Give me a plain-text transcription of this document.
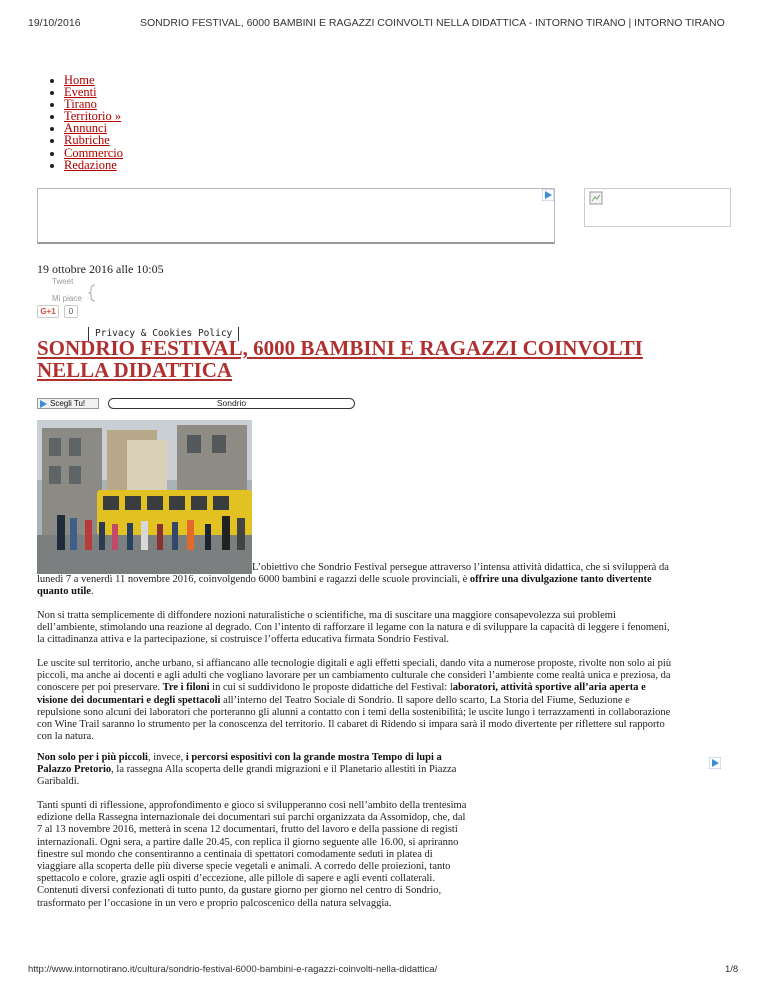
19/10/2016	SONDRIO FESTIVAL, 6000 BAMBINI E RAGAZZI COINVOLTI NELLA DIDATTICA - INTORNO TIRANO | INTORNO TIRANO
• Home
• Eventi
• Tirano
• Territorio »
• Annunci
• Rubriche
• Commercio
• Redazione
19 ottobre 2016 alle 10:05
Tweet
Mi piace
G+1	0
Privacy & Cookies Policy
SONDRIO FESTIVAL, 6000 BAMBINI E RAGAZZI COINVOLTI NELLA DIDATTICA
Scegli Tu!	Sondrio
L’obiettivo che Sondrio Festival persegue attraverso l’intensa attività didattica, che si svilupperà da

lunedì 7 a venerdì 11 novembre 2016, coinvolgendo 6000 bambini e ragazzi delle scuole provinciali, è offrire una divulgazione tanto divertente
quanto utile.

Non si tratta semplicemente di diffondere nozioni naturalistiche o scientifiche, ma di suscitare una maggiore consapevolezza sui problemi
dell’ambiente, stimolando una reazione al degrado. Con l’intento di rafforzare il legame con la natura e di sviluppare la capacità di leggere i fenomeni,
la cittadinanza attiva e la partecipazione, si costruisce l’offerta educativa firmata Sondrio Festival.

Le uscite sul territorio, anche urbano, si affiancano alle tecnologie digitali e agli effetti speciali, dando vita a numerose proposte, rivolte non solo ai più
piccoli, ma anche ai docenti e agli adulti che vogliano lavorare per un cambiamento culturale che consideri l’ambiente come realtà unica e preziosa, da
conoscere per poi preservare. Tre i filoni in cui si suddividono le proposte didattiche del Festival: laboratori, attività sportive all’aria aperta e
visione dei documentari e degli spettacoli all’interno del Teatro Sociale di Sondrio. Il sapore dello scarto, La Storia del Fiume, Seduzione e
repulsione sono alcuni dei laboratori che porteranno gli alunni a contatto con i temi della sostenibilità; le uscite lungo i terrazzamenti in collaborazione
con Wine Trail saranno lo strumento per la conoscenza del territorio. Il cabaret di Ridendo si impara sarà il modo divertente per riflettere sul rapporto
con la natura.

Non solo per i più piccoli, invece, i percorsi espositivi con la grande mostra Tempo di lupi a
Palazzo Pretorio, la rassegna Alla scoperta delle grandi migrazioni e il Planetario allestiti in Piazza
Garibaldi.

Tanti spunti di riflessione, approfondimento e gioco si svilupperanno così nell’ambito della trentesima
edizione della Rassegna internazionale dei documentari sui parchi organizzata da Assomidop, che, dal
7 al 13 novembre 2016, metterà in scena 12 documentari, frutto del lavoro e della passione di registi
internazionali. Ogni sera, a partire dalle 20.45, con replica il giorno seguente alle 16.00, si apriranno
finestre sul mondo che consentiranno a centinaia di spettatori comodamente seduti in platea di
viaggiare alla scoperta delle più diverse specie vegetali e animali. A corredo delle proiezioni, tanto
spettacolo e colore, grazie agli ospiti d’eccezione, alle pillole di sapere e agli eventi collaterali.
Contenuti diversi confezionati di tutto punto, da gustare giorno per giorno nel centro di Sondrio,
trasformato per l’occasione in un vero e proprio palcoscenico della natura selvaggia.

http://www.intornotirano.it/cultura/sondrio-festival-6000-bambini-e-ragazzi-coinvolti-nella-didattica/	1/8
